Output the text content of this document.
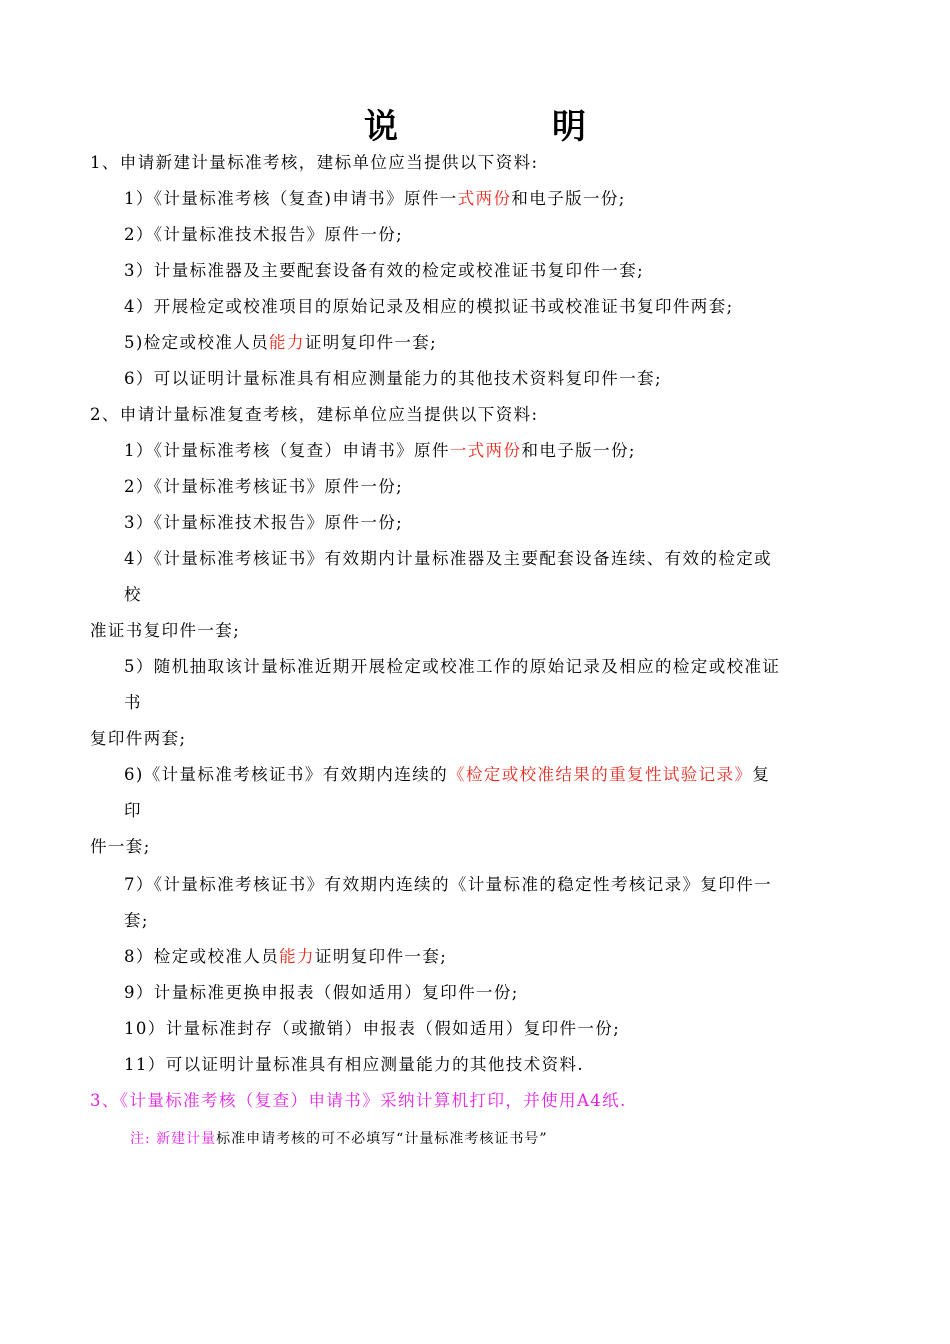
说　明
1、申请新建计量标准考核，建标单位应当提供以下资料:
1）《计量标准考核（复查)申请书》原件一式两份和电子版一份;
2）《计量标准技术报告》原件一份;
3）计量标准器及主要配套设备有效的检定或校准证书复印件一套;
4）开展检定或校准项目的原始记录及相应的模拟证书或校准证书复印件两套;
5)检定或校准人员能力证明复印件一套;
6）可以证明计量标准具有相应测量能力的其他技术资料复印件一套;
2、申请计量标准复查考核，建标单位应当提供以下资料:
1）《计量标准考核（复查）申请书》原件一式两份和电子版一份;
2）《计量标准考核证书》原件一份;
3）《计量标准技术报告》原件一份;
4）《计量标准考核证书》有效期内计量标准器及主要配套设备连续、有效的检定或
校
准证书复印件一套;
5）随机抽取该计量标准近期开展检定或校准工作的原始记录及相应的检定或校准证
书
复印件两套;
6)《计量标准考核证书》有效期内连续的《检定或校准结果的重复性试验记录》复
印
件一套;
7）《计量标准考核证书》有效期内连续的《计量标准的稳定性考核记录》复印件一
套;
8）检定或校准人员能力证明复印件一套;
9）计量标准更换申报表（假如适用）复印件一份;
10）计量标准封存（或撤销）申报表（假如适用）复印件一份;
11）可以证明计量标准具有相应测量能力的其他技术资料.
3、《计量标准考核（复查）申请书》采纳计算机打印，并使用A4纸.
注: 新建计量标准申请考核的可不必填写“计量标准考核证书号”
